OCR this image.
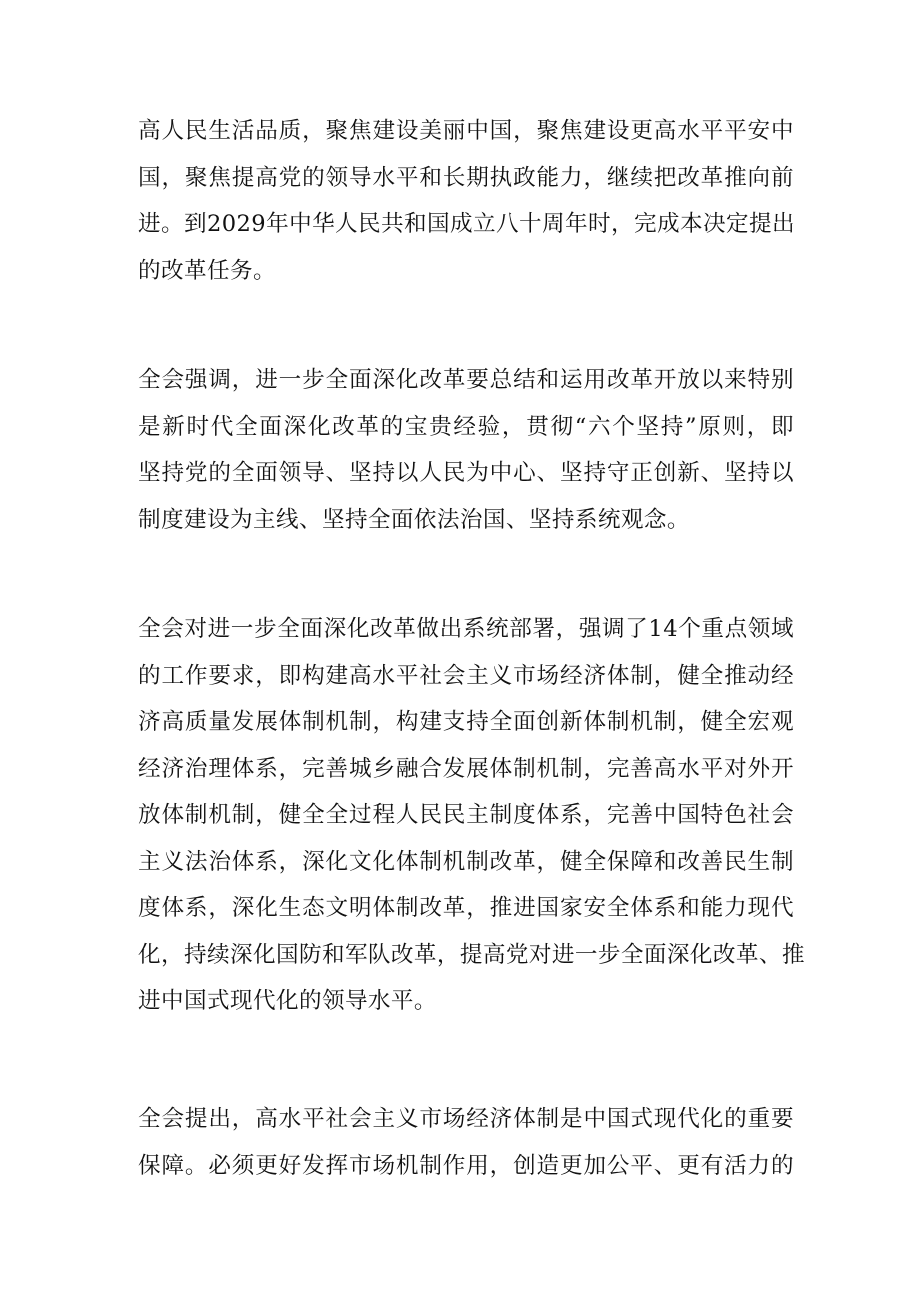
高人民生活品质，聚焦建设美丽中国，聚焦建设更高水平平安中
国，聚焦提高党的领导水平和长期执政能力，继续把改革推向前
进。到2029年中华人民共和国成立八十周年时，完成本决定提出
的改革任务。

全会强调，进一步全面深化改革要总结和运用改革开放以来特别
是新时代全面深化改革的宝贵经验，贯彻“六个坚持”原则，即
坚持党的全面领导、坚持以人民为中心、坚持守正创新、坚持以
制度建设为主线、坚持全面依法治国、坚持系统观念。

全会对进一步全面深化改革做出系统部署，强调了14个重点领域
的工作要求，即构建高水平社会主义市场经济体制，健全推动经
济高质量发展体制机制，构建支持全面创新体制机制，健全宏观
经济治理体系，完善城乡融合发展体制机制，完善高水平对外开
放体制机制，健全全过程人民民主制度体系，完善中国特色社会
主义法治体系，深化文化体制机制改革，健全保障和改善民生制
度体系，深化生态文明体制改革，推进国家安全体系和能力现代
化，持续深化国防和军队改革，提高党对进一步全面深化改革、推
进中国式现代化的领导水平。

全会提出，高水平社会主义市场经济体制是中国式现代化的重要
保障。必须更好发挥市场机制作用，创造更加公平、更有活力的
